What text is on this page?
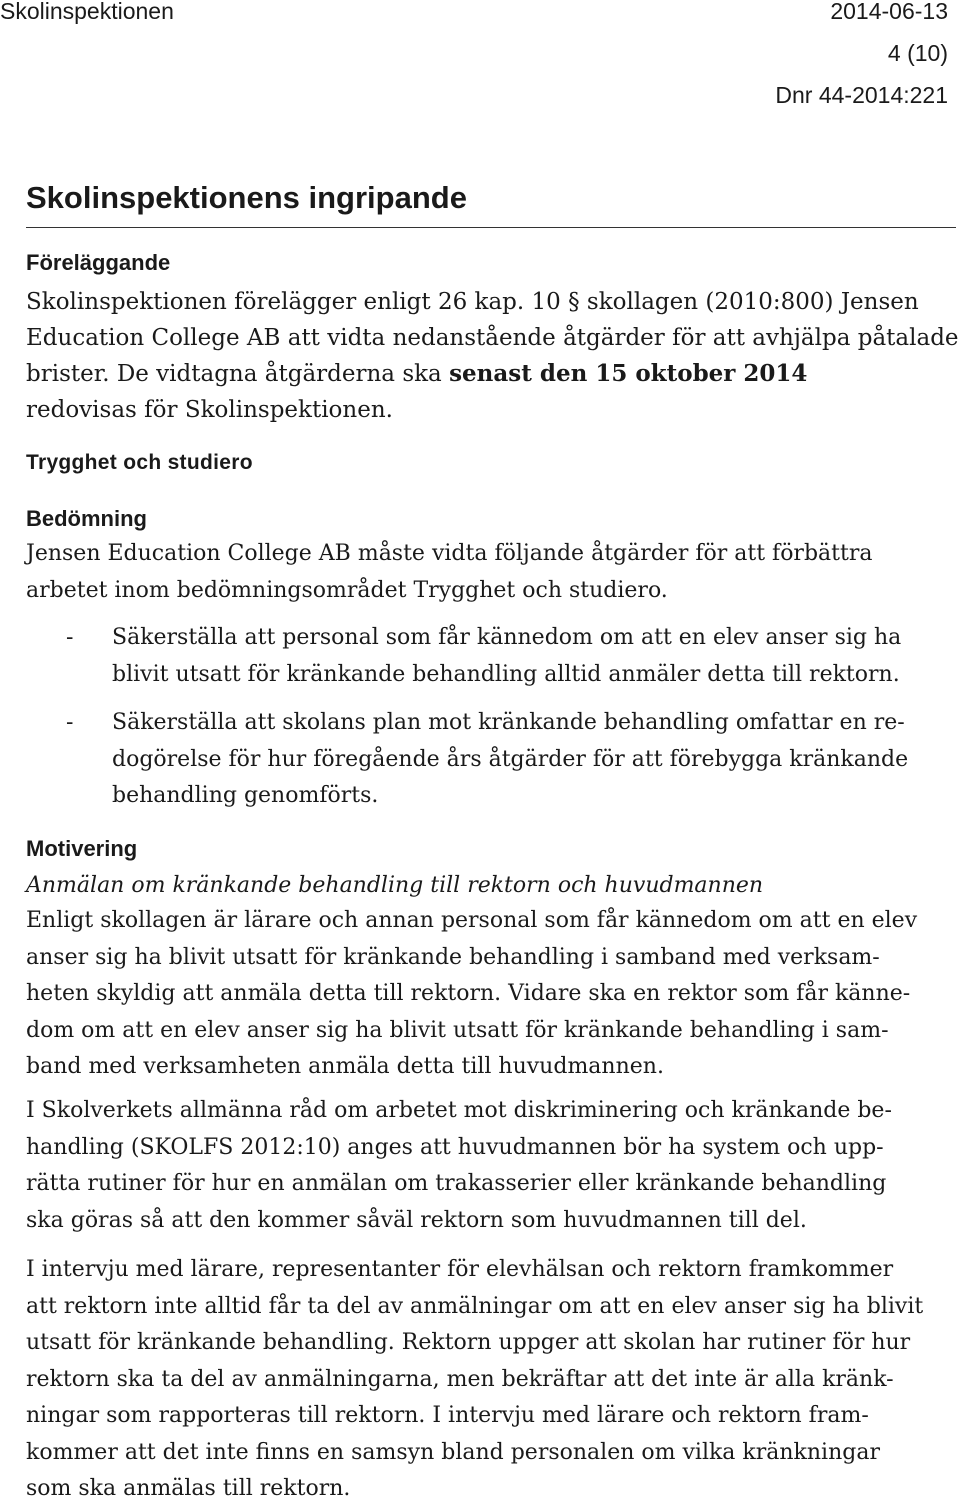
Skolinspektionen	2014-06-13
4 (10)
Dnr 44-2014:221
Skolinspektionens ingripande
Föreläggande
Skolinspektionen förelägger enligt 26 kap. 10 § skollagen (2010:800) Jensen
Education College AB att vidta nedanstående åtgärder för att avhjälpa påtalade
brister. De vidtagna åtgärderna ska senast den 15 oktober 2014
redovisas för Skolinspektionen.
Trygghet och studiero
Bedömning
Jensen Education College AB måste vidta följande åtgärder för att förbättra
arbetet inom bedömningsområdet Trygghet och studiero.
- Säkerställa att personal som får kännedom om att en elev anser sig ha
blivit utsatt för kränkande behandling alltid anmäler detta till rektorn.
- Säkerställa att skolans plan mot kränkande behandling omfattar en re-
dogörelse för hur föregående års åtgärder för att förebygga kränkande
behandling genomförts.
Motivering
Anmälan om kränkande behandling till rektorn och huvudmannen
Enligt skollagen är lärare och annan personal som får kännedom om att en elev
anser sig ha blivit utsatt för kränkande behandling i samband med verksam-
heten skyldig att anmäla detta till rektorn. Vidare ska en rektor som får känne-
dom om att en elev anser sig ha blivit utsatt för kränkande behandling i sam-
band med verksamheten anmäla detta till huvudmannen.
I Skolverkets allmänna råd om arbetet mot diskriminering och kränkande be-
handling (SKOLFS 2012:10) anges att huvudmannen bör ha system och upp-
rätta rutiner för hur en anmälan om trakasserier eller kränkande behandling
ska göras så att den kommer såväl rektorn som huvudmannen till del.
I intervju med lärare, representanter för elevhälsan och rektorn framkommer
att rektorn inte alltid får ta del av anmälningar om att en elev anser sig ha blivit
utsatt för kränkande behandling. Rektorn uppger att skolan har rutiner för hur
rektorn ska ta del av anmälningarna, men bekräftar att det inte är alla kränk-
ningar som rapporteras till rektorn. I intervju med lärare och rektorn fram-
kommer att det inte finns en samsyn bland personalen om vilka kränkningar
som ska anmälas till rektorn.
